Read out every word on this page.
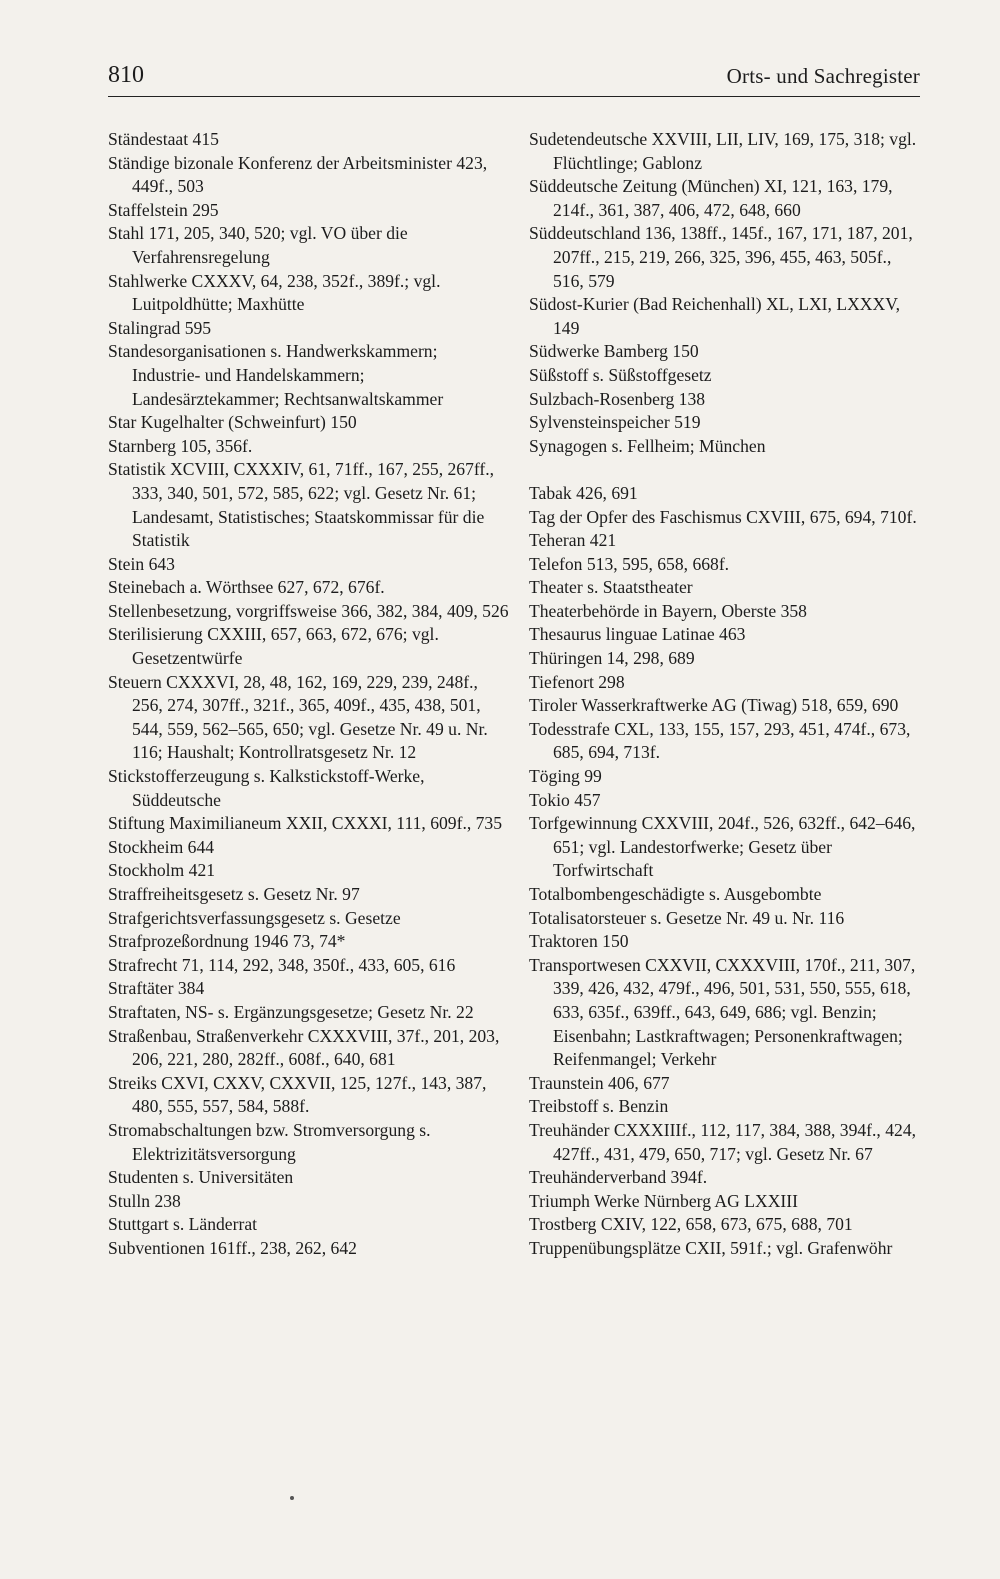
810	Orts- und Sachregister
Ständestaat 415
Ständige bizonale Konferenz der Arbeitsminister 423, 449f., 503
Staffelstein 295
Stahl 171, 205, 340, 520; vgl. VO über die Verfahrensregelung
Stahlwerke CXXXV, 64, 238, 352f., 389f.; vgl. Luitpoldhütte; Maxhütte
Stalingrad 595
Standesorganisationen s. Handwerkskammern; Industrie- und Handelskammern; Landesärztekammer; Rechtsanwaltskammer
Star Kugelhalter (Schweinfurt) 150
Starnberg 105, 356f.
Statistik XCVIII, CXXXIV, 61, 71ff., 167, 255, 267ff., 333, 340, 501, 572, 585, 622; vgl. Gesetz Nr. 61; Landesamt, Statistisches; Staatskommissar für die Statistik
Stein 643
Steinebach a. Wörthsee 627, 672, 676f.
Stellenbesetzung, vorgriffsweise 366, 382, 384, 409, 526
Sterilisierung CXXIII, 657, 663, 672, 676; vgl. Gesetzentwürfe
Steuern CXXXVI, 28, 48, 162, 169, 229, 239, 248f., 256, 274, 307ff., 321f., 365, 409f., 435, 438, 501, 544, 559, 562–565, 650; vgl. Gesetze Nr. 49 u. Nr. 116; Haushalt; Kontrollratsgesetz Nr. 12
Stickstofferzeugung s. Kalkstickstoff-Werke, Süddeutsche
Stiftung Maximilianeum XXII, CXXXI, 111, 609f., 735
Stockheim 644
Stockholm 421
Straffreiheitsgesetz s. Gesetz Nr. 97
Strafgerichtsverfassungsgesetz s. Gesetze
Strafprozeßordnung 1946 73, 74*
Strafrecht 71, 114, 292, 348, 350f., 433, 605, 616
Straftäter 384
Straftaten, NS- s. Ergänzungsgesetze; Gesetz Nr. 22
Straßenbau, Straßenverkehr CXXXVIII, 37f., 201, 203, 206, 221, 280, 282ff., 608f., 640, 681
Streiks CXVI, CXXV, CXXVII, 125, 127f., 143, 387, 480, 555, 557, 584, 588f.
Stromabschaltungen bzw. Stromversorgung s. Elektrizitätsversorgung
Studenten s. Universitäten
Stulln 238
Stuttgart s. Länderrat
Subventionen 161ff., 238, 262, 642
Sudetendeutsche XXVIII, LII, LIV, 169, 175, 318; vgl. Flüchtlinge; Gablonz
Süddeutsche Zeitung (München) XI, 121, 163, 179, 214f., 361, 387, 406, 472, 648, 660
Süddeutschland 136, 138ff., 145f., 167, 171, 187, 201, 207ff., 215, 219, 266, 325, 396, 455, 463, 505f., 516, 579
Südost-Kurier (Bad Reichenhall) XL, LXI, LXXXV, 149
Südwerke Bamberg 150
Süßstoff s. Süßstoffgesetz
Sulzbach-Rosenberg 138
Sylvensteinspeicher 519
Synagogen s. Fellheim; München
Tabak 426, 691
Tag der Opfer des Faschismus CXVIII, 675, 694, 710f.
Teheran 421
Telefon 513, 595, 658, 668f.
Theater s. Staatstheater
Theaterbehörde in Bayern, Oberste 358
Thesaurus linguae Latinae 463
Thüringen 14, 298, 689
Tiefenort 298
Tiroler Wasserkraftwerke AG (Tiwag) 518, 659, 690
Todesstrafe CXL, 133, 155, 157, 293, 451, 474f., 673, 685, 694, 713f.
Töging 99
Tokio 457
Torfgewinnung CXXVIII, 204f., 526, 632ff., 642–646, 651; vgl. Landestorfwerke; Gesetz über Torfwirtschaft
Totalbombengeschädigte s. Ausgebombte
Totalisatorsteuer s. Gesetze Nr. 49 u. Nr. 116
Traktoren 150
Transportwesen CXXVII, CXXXVIII, 170f., 211, 307, 339, 426, 432, 479f., 496, 501, 531, 550, 555, 618, 633, 635f., 639ff., 643, 649, 686; vgl. Benzin; Eisenbahn; Lastkraftwagen; Personenkraftwagen; Reifenmangel; Verkehr
Traunstein 406, 677
Treibstoff s. Benzin
Treuhänder CXXXIIIf., 112, 117, 384, 388, 394f., 424, 427ff., 431, 479, 650, 717; vgl. Gesetz Nr. 67
Treuhänderverband 394f.
Triumph Werke Nürnberg AG LXXIII
Trostberg CXIV, 122, 658, 673, 675, 688, 701
Truppenübungsplätze CXII, 591f.; vgl. Grafenwöhr
